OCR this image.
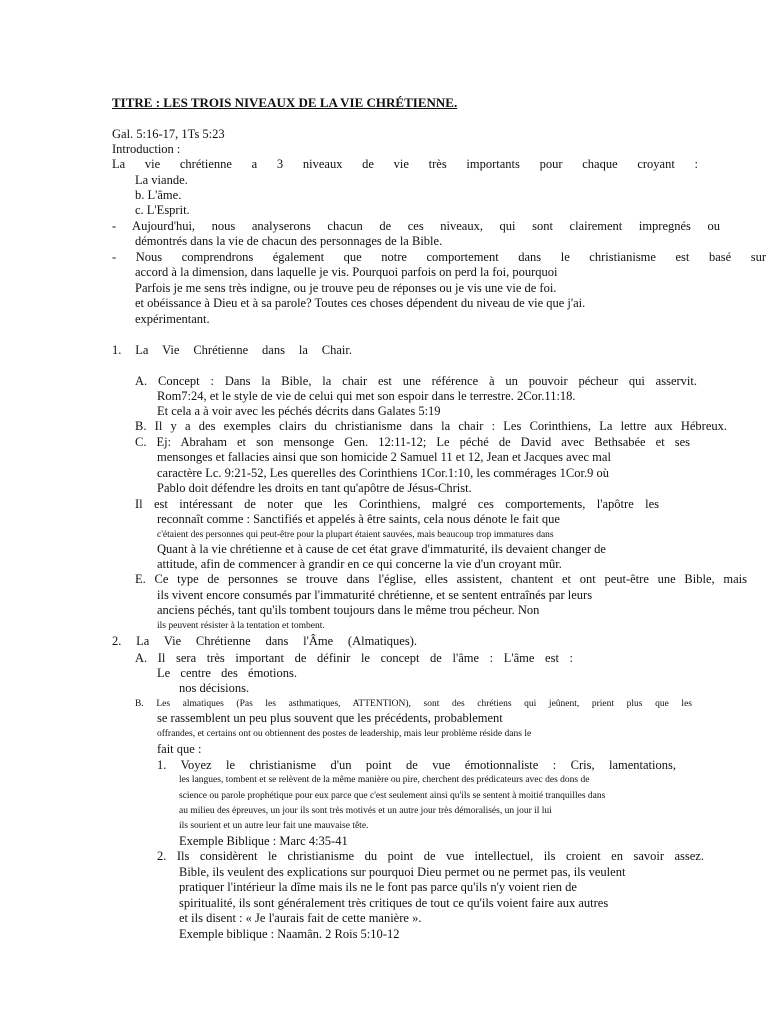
TITRE : LES TROIS NIVEAUX DE LA VIE CHRÉTIENNE.
Gal. 5:16-17, 1Ts 5:23
Introduction :
La vie chrétienne a 3 niveaux de vie très importants pour chaque croyant :
La viande.
b. L'âme.
c. L'Esprit.
- Aujourd'hui, nous analyserons chacun de ces niveaux, qui sont clairement impregnés ou
démontrés dans la vie de chacun des personnages de la Bible.
- Nous comprendrons également que notre comportement dans le christianisme est basé sur
accord à la dimension, dans laquelle je vis. Pourquoi parfois on perd la foi, pourquoi
Parfois je me sens très indigne, ou je trouve peu de réponses ou je vis une vie de foi.
et obéissance à Dieu et à sa parole? Toutes ces choses dépendent du niveau de vie que j'ai.
expérimentant.
1. La Vie Chrétienne dans la Chair.
A. Concept : Dans la Bible, la chair est une référence à un pouvoir pécheur qui asservit.
Rom7:24, et le style de vie de celui qui met son espoir dans le terrestre. 2Cor.11:18.
Et cela a à voir avec les péchés décrits dans Galates 5:19
B. Il y a des exemples clairs du christianisme dans la chair : Les Corinthiens, La lettre aux Hébreux.
C. Ej: Abraham et son mensonge Gen. 12:11-12; Le péché de David avec Bethsabée et ses
mensonges et fallacies ainsi que son homicide 2 Samuel 11 et 12, Jean et Jacques avec mal
caractère Lc. 9:21-52, Les querelles des Corinthiens 1Cor.1:10, les commérages 1Cor.9 où
Pablo doit défendre les droits en tant qu'apôtre de Jésus-Christ.
Il est intéressant de noter que les Corinthiens, malgré ces comportements, l'apôtre les
reconnaît comme : Sanctifiés et appelés à être saints, cela nous dénote le fait que
c'étaient des personnes qui peut-être pour la plupart étaient sauvées, mais beaucoup trop immatures dans
Quant à la vie chrétienne et à cause de cet état grave d'immaturité, ils devaient changer de
attitude, afin de commencer à grandir en ce qui concerne la vie d'un croyant mûr.
E. Ce type de personnes se trouve dans l'église, elles assistent, chantent et ont peut-être une Bible, mais
ils vivent encore consumés par l'immaturité chrétienne, et se sentent entraînés par leurs
anciens péchés, tant qu'ils tombent toujours dans le même trou pécheur. Non
ils peuvent résister à la tentation et tombent.
2. La Vie Chrétienne dans l'Âme (Almatiques).
A. Il sera très important de définir le concept de l'âme : L'âme est :
Le centre des émotions.
nos décisions.
B. Les almatiques (Pas les asthmatiques, ATTENTION), sont des chrétiens qui jeûnent, prient plus que les
se rassemblent un peu plus souvent que les précédents, probablement
offrandes, et certains ont ou obtiennent des postes de leadership, mais leur problème réside dans le
fait que :
1. Voyez le christianisme d'un point de vue émotionnaliste : Cris, lamentations,
les langues, tombent et se relèvent de la même manière ou pire, cherchent des prédicateurs avec des dons de
science ou parole prophétique pour eux parce que c'est seulement ainsi qu'ils se sentent à moitié tranquilles dans
au milieu des épreuves, un jour ils sont très motivés et un autre jour très démoralisés, un jour il lui
ils sourient et un autre leur fait une mauvaise tête.
Exemple Biblique : Marc 4:35-41
2. Ils considèrent le christianisme du point de vue intellectuel, ils croient en savoir assez.
Bible, ils veulent des explications sur pourquoi Dieu permet ou ne permet pas, ils veulent
pratiquer l'intérieur la dîme mais ils ne le font pas parce qu'ils n'y voient rien de
spiritualité, ils sont généralement très critiques de tout ce qu'ils voient faire aux autres
et ils disent : « Je l'aurais fait de cette manière ».
Exemple biblique : Naamân. 2 Rois 5:10-12
